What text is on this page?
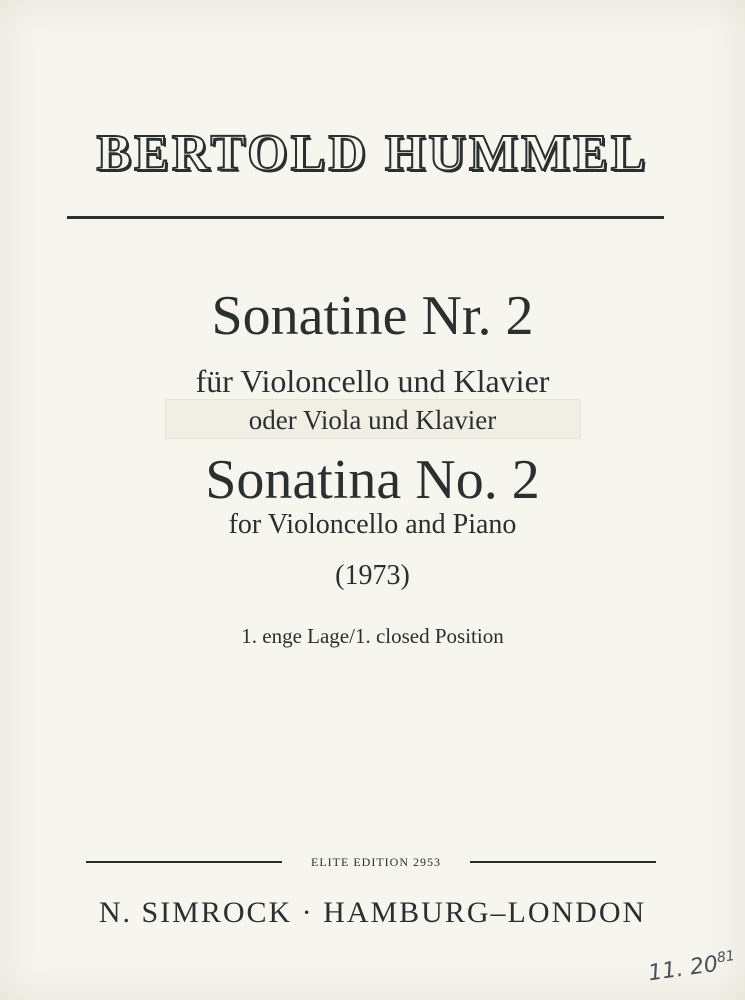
BERTOLD HUMMEL
Sonatine Nr. 2
für Violoncello und Klavier
oder Viola und Klavier
Sonatina No. 2
for Violoncello and Piano
(1973)
1. enge Lage/1. closed Position
ELITE EDITION 2953
N. SIMROCK · HAMBURG–LONDON
11. $20^{81}$
